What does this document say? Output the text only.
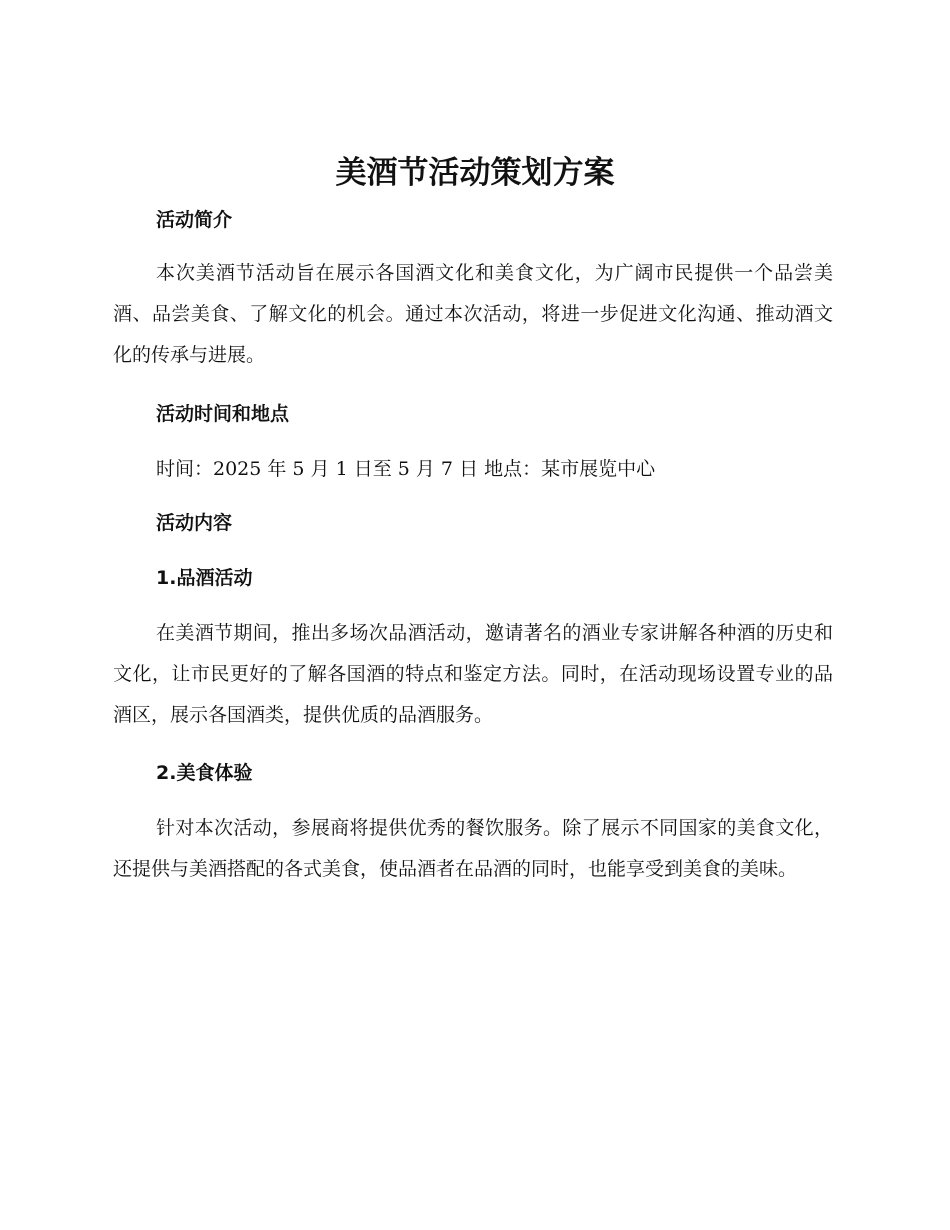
美酒节活动策划方案
活动简介

本次美酒节活动旨在展示各国酒文化和美食文化，为广阔市民提供一个品尝美酒、品尝美食、了解文化的机会。通过本次活动，将进一步促进文化沟通、推动酒文化的传承与进展。

活动时间和地点

时间：2025 年 5 月 1 日至 5 月 7 日 地点：某市展览中心

活动内容
1.品酒活动

在美酒节期间，推出多场次品酒活动，邀请著名的酒业专家讲解各种酒的历史和文化，让市民更好的了解各国酒的特点和鉴定方法。同时，在活动现场设置专业的品酒区，展示各国酒类，提供优质的品酒服务。

2.美食体验

针对本次活动，参展商将提供优秀的餐饮服务。除了展示不同国家的美食文化，还提供与美酒搭配的各式美食，使品酒者在品酒的同时，也能享受到美食的美味。
